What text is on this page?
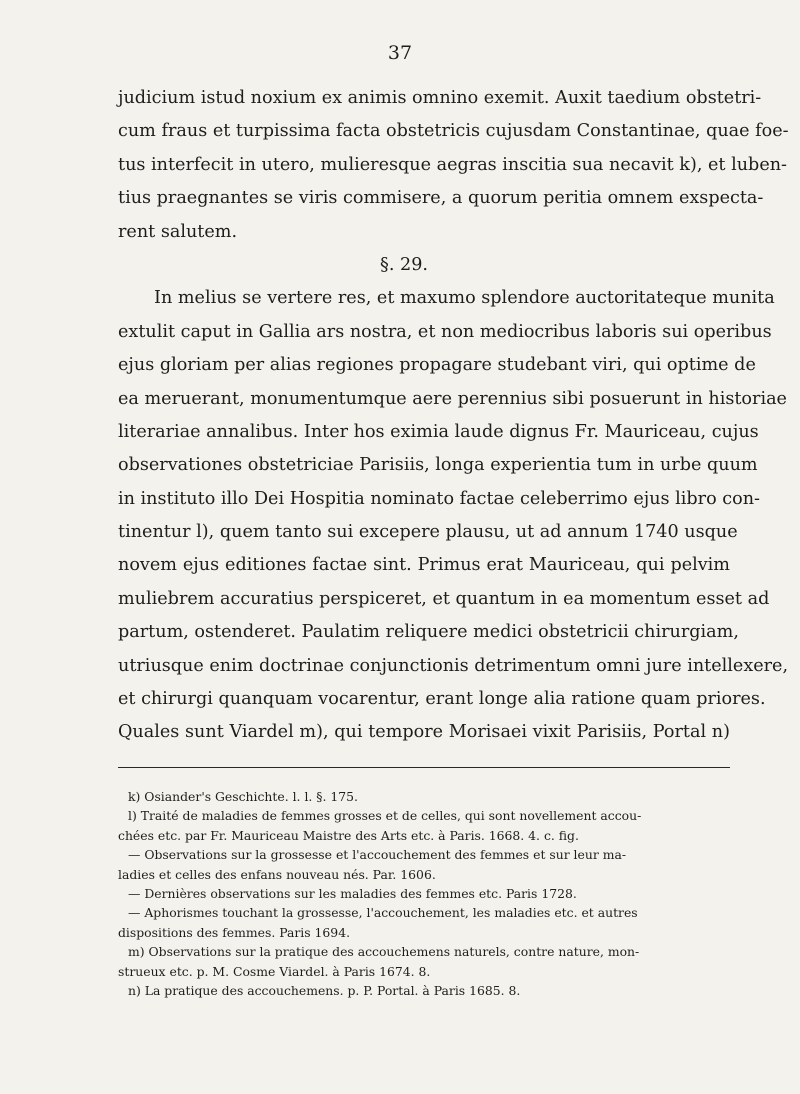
37
judicium istud noxium ex animis omnino exemit. Auxit taedium obstetri-
cum fraus et turpissima facta obstetricis cujusdam Constantinae, quae foe-
tus interfecit in utero, mulieresque aegras inscitia sua necavit k), et luben-
tius praegnantes se viris commisere, a quorum peritia omnem exspecta-
rent salutem.
§. 29.
In melius se vertere res, et maxumo splendore auctoritateque munita
extulit caput in Gallia ars nostra, et non mediocribus laboris sui operibus
ejus gloriam per alias regiones propagare studebant viri, qui optime de
ea meruerant, monumentumque aere perennius sibi posuerunt in historiae
literariae annalibus. Inter hos eximia laude dignus Fr. Mauriceau, cujus
observationes obstetriciae Parisiis, longa experientia tum in urbe quum
in instituto illo Dei Hospitia nominato factae celeberrimo ejus libro con-
tinentur l), quem tanto sui excepere plausu, ut ad annum 1740 usque
novem ejus editiones factae sint. Primus erat Mauriceau, qui pelvim
muliebrem accuratius perspiceret, et quantum in ea momentum esset ad
partum, ostenderet. Paulatim reliquere medici obstetricii chirurgiam,
utriusque enim doctrinae conjunctionis detrimentum omni jure intellexere,
et chirurgi quanquam vocarentur, erant longe alia ratione quam priores.
Quales sunt Viardel m), qui tempore Morisaei vixit Parisiis, Portal n)
k) Osiander's Geschichte. l. l. §. 175.
l) Traité de maladies de femmes grosses et de celles, qui sont novellement accou-
chées etc. par Fr. Mauriceau Maistre des Arts etc. à Paris. 1668. 4. c. fig.
— Observations sur la grossesse et l'accouchement des femmes et sur leur ma-
ladies et celles des enfans nouveau nés. Par. 1606.
— Dernières observations sur les maladies des femmes etc. Paris 1728.
— Aphorismes touchant la grossesse, l'accouchement, les maladies etc. et autres
dispositions des femmes. Paris 1694.
m) Observations sur la pratique des accouchemens naturels, contre nature, mon-
strueux etc. p. M. Cosme Viardel. à Paris 1674. 8.
n) La pratique des accouchemens. p. P. Portal. à Paris 1685. 8.
